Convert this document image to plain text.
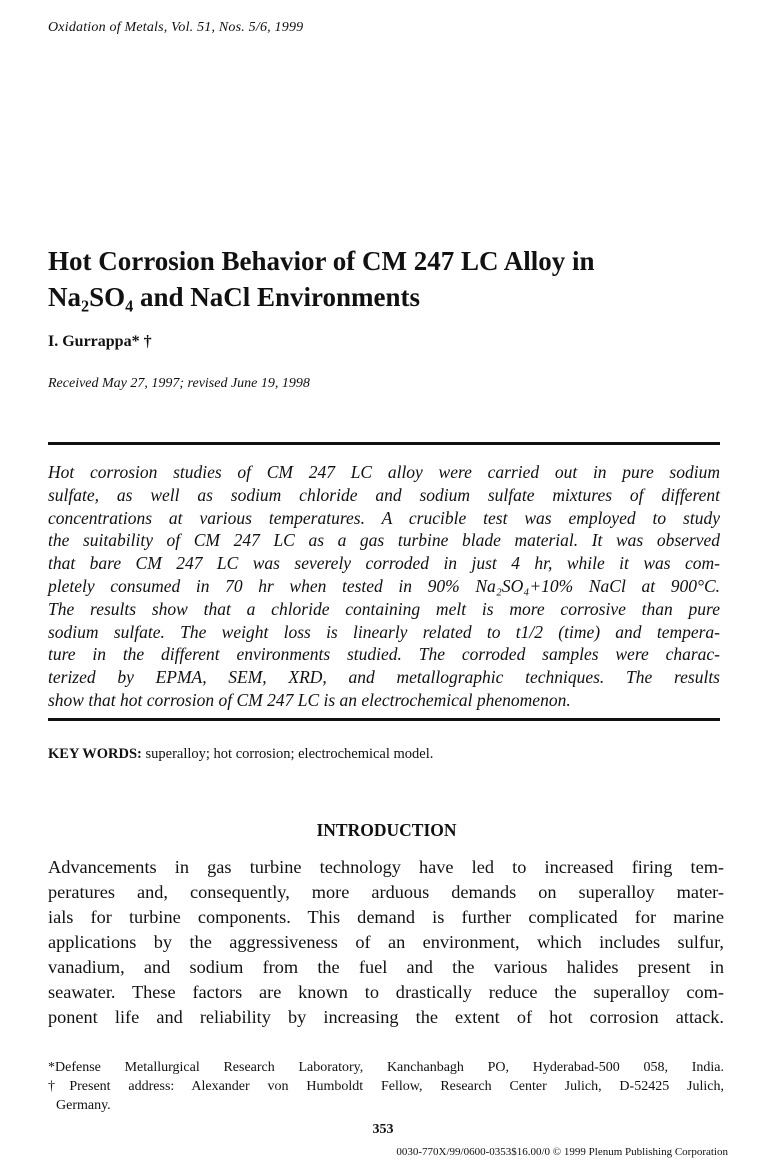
Oxidation of Metals, Vol. 51, Nos. 5/6, 1999
Hot Corrosion Behavior of CM 247 LC Alloy in
Na₂SO₄ and NaCl Environments
I. Gurrappa* †
Received May 27, 1997; revised June 19, 1998
Hot corrosion studies of CM 247 LC alloy were carried out in pure sodium
sulfate, as well as sodium chloride and sodium sulfate mixtures of different
concentrations at various temperatures. A crucible test was employed to study
the suitability of CM 247 LC as a gas turbine blade material. It was observed
that bare CM 247 LC was severely corroded in just 4 hr, while it was com-
pletely consumed in 70 hr when tested in 90% Na₂SO₄+10% NaCl at 900°C.
The results show that a chloride containing melt is more corrosive than pure
sodium sulfate. The weight loss is linearly related to t1/2 (time) and tempera-
ture in the different environments studied. The corroded samples were charac-
terized by EPMA, SEM, XRD, and metallographic techniques. The results
show that hot corrosion of CM 247 LC is an electrochemical phenomenon.
KEY WORDS: superalloy; hot corrosion; electrochemical model.
INTRODUCTION
Advancements in gas turbine technology have led to increased firing tem-
peratures and, consequently, more arduous demands on superalloy mater-
ials for turbine components. This demand is further complicated for marine
applications by the aggressiveness of an environment, which includes sulfur,
vanadium, and sodium from the fuel and the various halides present in
seawater. These factors are known to drastically reduce the superalloy com-
ponent life and reliability by increasing the extent of hot corrosion attack.
*Defense Metallurgical Research Laboratory, Kanchanbagh PO, Hyderabad-500 058, India.
†Present address: Alexander von Humboldt Fellow, Research Center Julich, D-52425 Julich,
Germany.
353
0030-770X/99/0600-0353$16.00/0 © 1999 Plenum Publishing Corporation
